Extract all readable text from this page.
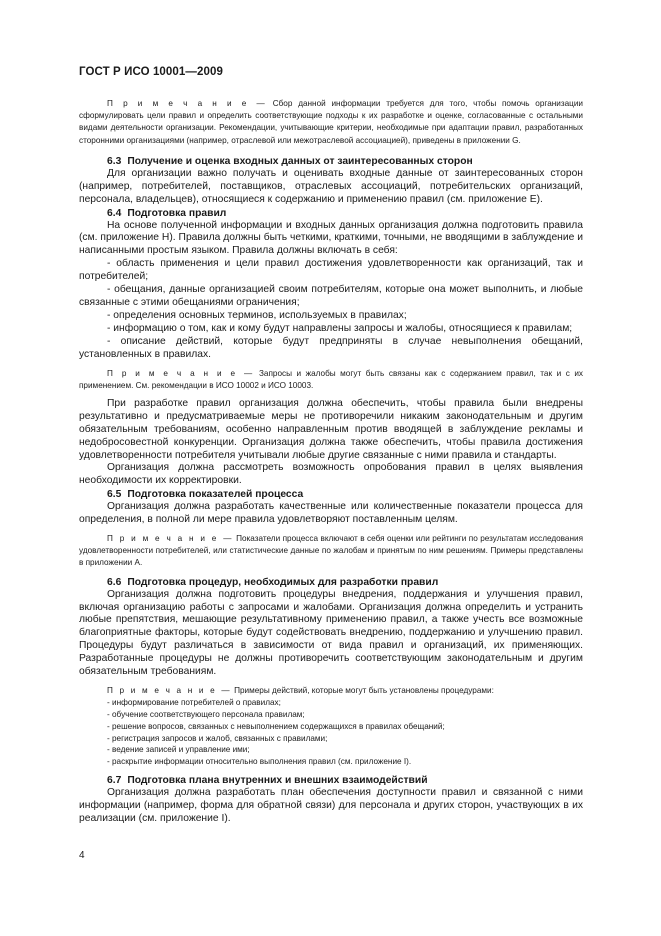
ГОСТ Р ИСО 10001—2009

П р и м е ч а н и е — Сбор данной информации требуется для того, чтобы помочь организации сформулировать цели правил и определить соответствующие подходы к их разработке и оценке, согласованные с остальными видами деятельности организации. Рекомендации, учитывающие критерии, необходимые при адаптации правил, разработанных сторонними организациями (например, отраслевой или межотраслевой ассоциацией), приведены в приложении G.

6.3 Получение и оценка входных данных от заинтересованных сторон

Для организации важно получать и оценивать входные данные от заинтересованных сторон (например, потребителей, поставщиков, отраслевых ассоциаций, потребительских организаций, персонала, владельцев), относящиеся к содержанию и применению правил (см. приложение E).

6.4 Подготовка правил

На основе полученной информации и входных данных организация должна подготовить правила (см. приложение H). Правила должны быть четкими, краткими, точными, не вводящими в заблуждение и написанными простым языком. Правила должны включать в себя:

- область применения и цели правил достижения удовлетворенности как организаций, так и потребителей;

- обещания, данные организацией своим потребителям, которые она может выполнить, и любые связанные с этими обещаниями ограничения;

- определения основных терминов, используемых в правилах;

- информацию о том, как и кому будут направлены запросы и жалобы, относящиеся к правилам;

- описание действий, которые будут предприняты в случае невыполнения обещаний, установленных в правилах.

П р и м е ч а н и е — Запросы и жалобы могут быть связаны как с содержанием правил, так и с их применением. См. рекомендации в ИСО 10002 и ИСО 10003.

При разработке правил организация должна обеспечить, чтобы правила были внедрены результативно и предусматриваемые меры не противоречили никаким законодательным и другим обязательным требованиям, особенно направленным против вводящей в заблуждение рекламы и недобросовестной конкуренции. Организация должна также обеспечить, чтобы правила достижения удовлетворенности потребителя учитывали любые другие связанные с ними правила и стандарты.

Организация должна рассмотреть возможность опробования правил в целях выявления необходимости их корректировки.

6.5 Подготовка показателей процесса

Организация должна разработать качественные или количественные показатели процесса для определения, в полной ли мере правила удовлетворяют поставленным целям.

П р и м е ч а н и е — Показатели процесса включают в себя оценки или рейтинги по результатам исследования удовлетворенности потребителей, или статистические данные по жалобам и принятым по ним решениям. Примеры представлены в приложении A.

6.6 Подготовка процедур, необходимых для разработки правил

Организация должна подготовить процедуры внедрения, поддержания и улучшения правил, включая организацию работы с запросами и жалобами. Организация должна определить и устранить любые препятствия, мешающие результативному применению правил, а также учесть все возможные благоприятные факторы, которые будут содействовать внедрению, поддержанию и улучшению правил. Процедуры будут различаться в зависимости от вида правил и организаций, их применяющих. Разработанные процедуры не должны противоречить соответствующим законодательным и другим обязательным требованиям.

П р и м е ч а н и е — Примеры действий, которые могут быть установлены процедурами:

- информирование потребителей о правилах;

- обучение соответствующего персонала правилам;

- решение вопросов, связанных с невыполнением содержащихся в правилах обещаний;

- регистрация запросов и жалоб, связанных с правилами;

- ведение записей и управление ими;

- раскрытие информации относительно выполнения правил (см. приложение I).

6.7 Подготовка плана внутренних и внешних взаимодействий

Организация должна разработать план обеспечения доступности правил и связанной с ними информации (например, форма для обратной связи) для персонала и других сторон, участвующих в их реализации (см. приложение I).

4
